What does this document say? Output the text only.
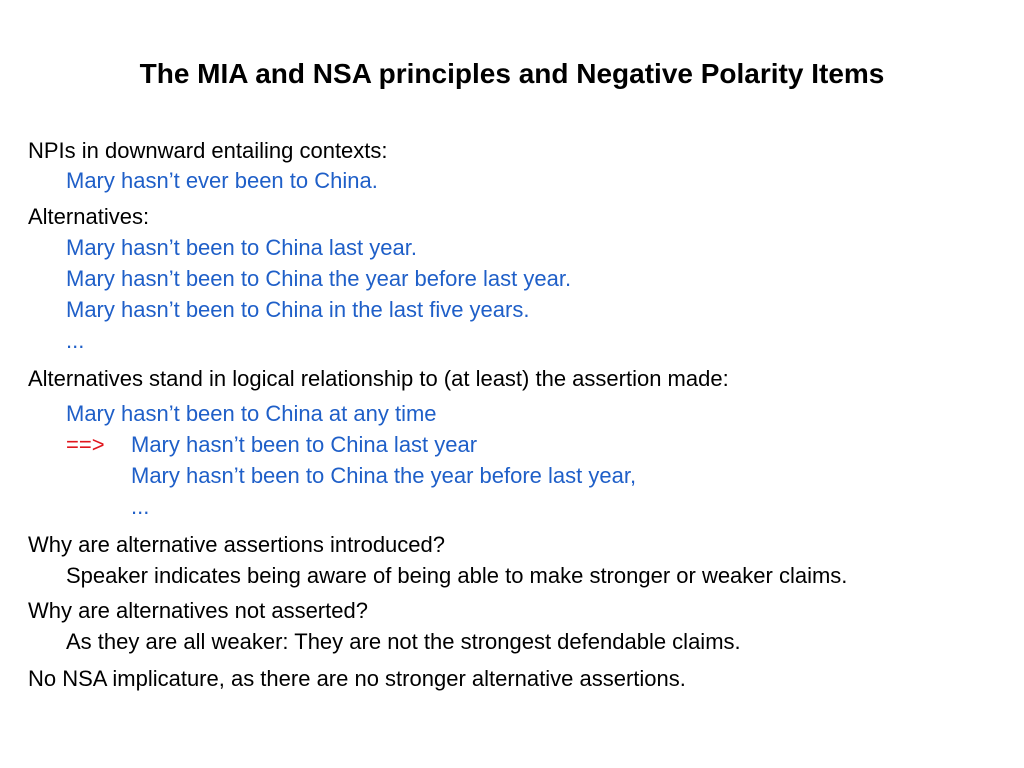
The MIA and NSA principles and Negative Polarity Items
NPIs in downward entailing contexts:
Mary hasn’t ever been to China.
Alternatives:
Mary hasn’t been to China last year.
Mary hasn’t been to China the year before last year.
Mary hasn’t been to China in the last five years.
...
Alternatives stand in logical relationship to (at least) the assertion made:
Mary hasn’t been to China at any time
==> Mary hasn’t been to China last year
Mary hasn’t been to China the year before last year,
...
Why are alternative assertions introduced?
Speaker indicates being aware of being able to make stronger or weaker claims.
Why are alternatives not asserted?
As they are all weaker: They are not the strongest defendable claims.
No NSA implicature, as there are no stronger alternative assertions.
